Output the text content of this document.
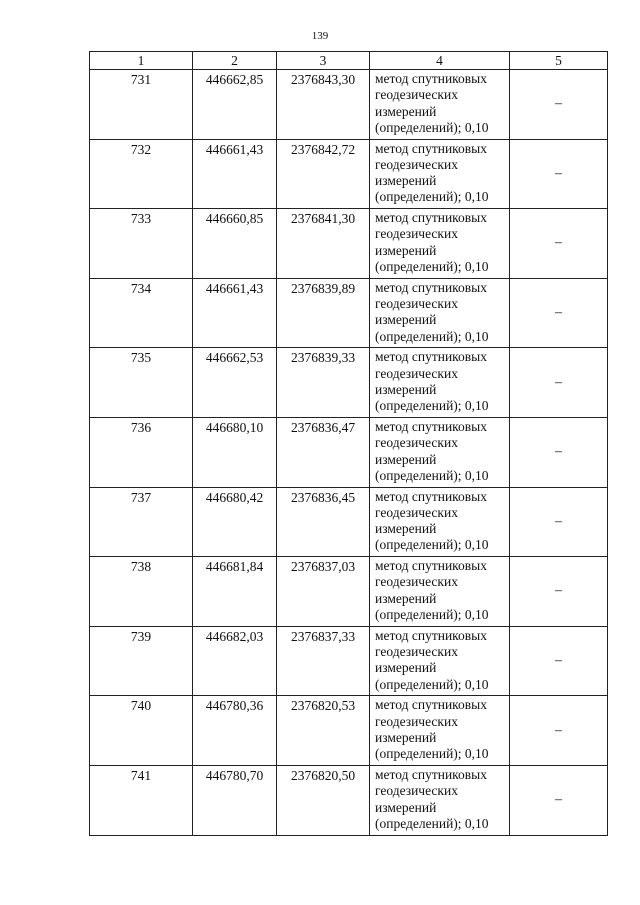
139
1	2	3	4	5
731	446662,85	2376843,30	метод спутниковых
геодезических
измерений
(определений); 0,10	–
732	446661,43	2376842,72	метод спутниковых
геодезических
измерений
(определений); 0,10	–
733	446660,85	2376841,30	метод спутниковых
геодезических
измерений
(определений); 0,10	–
734	446661,43	2376839,89	метод спутниковых
геодезических
измерений
(определений); 0,10	–
735	446662,53	2376839,33	метод спутниковых
геодезических
измерений
(определений); 0,10	–
736	446680,10	2376836,47	метод спутниковых
геодезических
измерений
(определений); 0,10	–
737	446680,42	2376836,45	метод спутниковых
геодезических
измерений
(определений); 0,10	–
738	446681,84	2376837,03	метод спутниковых
геодезических
измерений
(определений); 0,10	–
739	446682,03	2376837,33	метод спутниковых
геодезических
измерений
(определений); 0,10	–
740	446780,36	2376820,53	метод спутниковых
геодезических
измерений
(определений); 0,10	–
741	446780,70	2376820,50	метод спутниковых
геодезических
измерений
(определений); 0,10	–
